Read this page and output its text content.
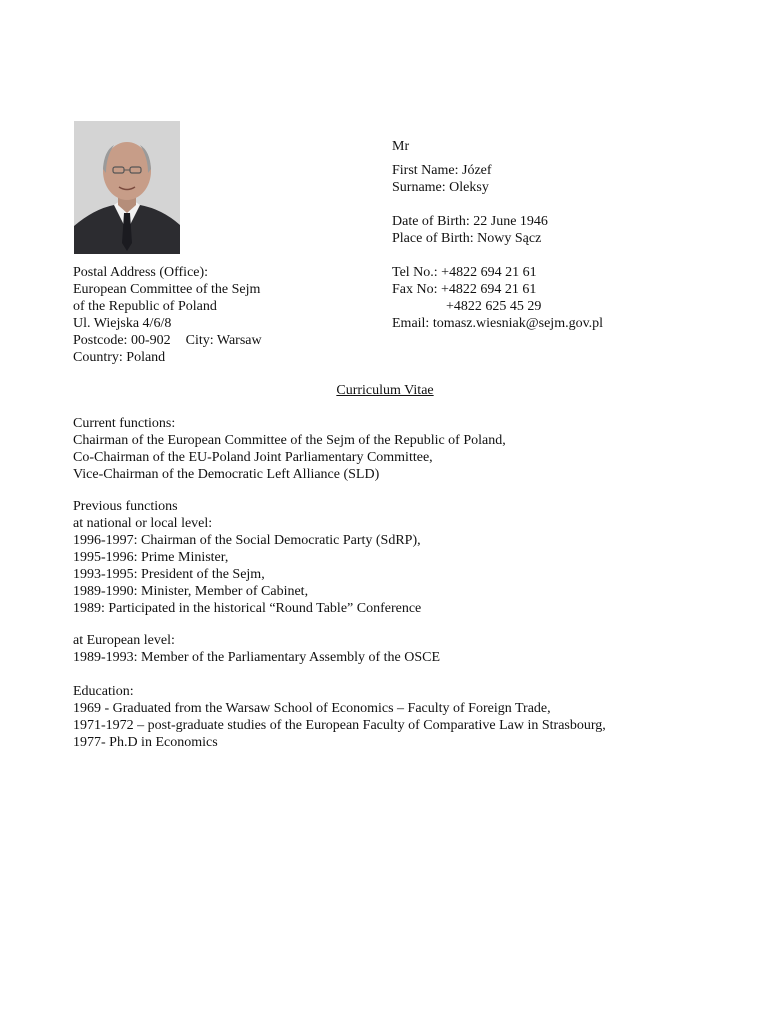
Mr
First Name: Józef
Surname: Oleksy
Date of Birth: 22 June 1946
Place of Birth: Nowy Sącz
Postal Address (Office):
European Committee of the Sejm
of the Republic of Poland
Ul. Wiejska 4/6/8
Postcode: 00-902 City: Warsaw
Country: Poland
Tel No.: +4822 694 21 61
Fax No: +4822 694 21 61
+4822 625 45 29
Email: tomasz.wiesniak@sejm.gov.pl
Curriculum Vitae
Current functions:
Chairman of the European Committee of the Sejm of the Republic of Poland,
Co-Chairman of the EU-Poland Joint Parliamentary Committee,
Vice-Chairman of the Democratic Left Alliance (SLD)
Previous functions
at national or local level:
1996-1997: Chairman of the Social Democratic Party (SdRP),
1995-1996: Prime Minister,
1993-1995: President of the Sejm,
1989-1990: Minister, Member of Cabinet,
1989: Participated in the historical “Round Table” Conference
at European level:
1989-1993: Member of the Parliamentary Assembly of the OSCE
Education:
1969 - Graduated from the Warsaw School of Economics – Faculty of Foreign Trade,
1971-1972 – post-graduate studies of the European Faculty of Comparative Law in Strasbourg,
1977- Ph.D in Economics
